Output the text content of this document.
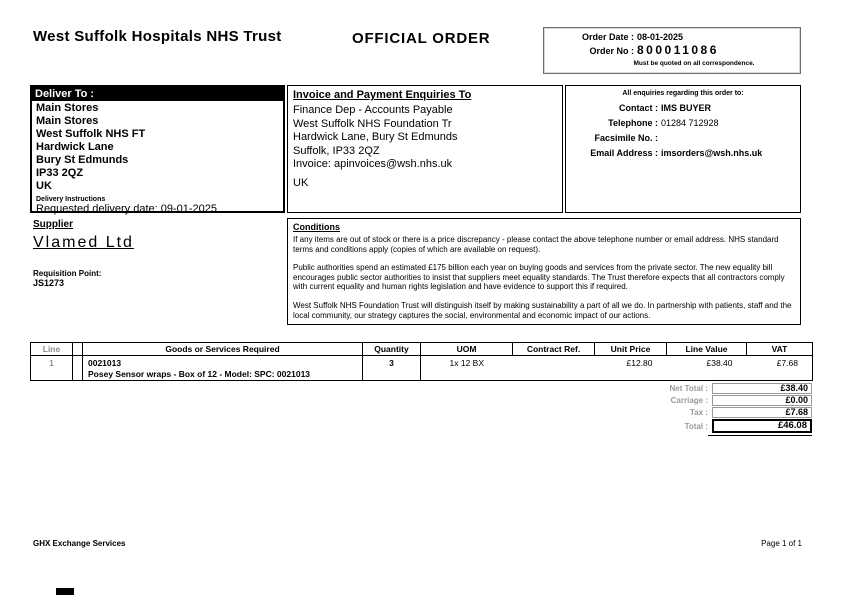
West Suffolk Hospitals NHS Trust	OFFICIAL ORDER	Order Date : 08-01-2025
Order No : 800011086
Must be quoted on all correspondence.
Deliver To :
Main Stores
Main Stores
West Suffolk NHS FT
Hardwick Lane
Bury St Edmunds
IP33 2QZ
UK
Delivery Instructions
Requested delivery date: 09-01-2025
Invoice and Payment Enquiries To
Finance Dep - Accounts Payable
West Suffolk NHS Foundation Tr
Hardwick Lane, Bury St Edmunds
Suffolk, IP33 2QZ
Invoice: apinvoices@wsh.nhs.uk
UK
All enquiries regarding this order to:
Contact : IMS BUYER
Telephone : 01284 712928
Facsimile No. :
Email Address : imsorders@wsh.nhs.uk
Supplier
Vlamed Ltd
Requisition Point:
JS1273
Conditions

If any items are out of stock or there is a price discrepancy - please contact the above telephone number or email address. NHS standard terms and conditions apply (copies of which are available on request).

Public authorities spend an estimated £175 billion each year on buying goods and services from the private sector. The new equality bill encourages public sector authorities to insist that suppliers meet equality standards. The Trust therefore expects that all contractors comply with current equality and human rights legislation and have evidence to support this if required.

West Suffolk NHS Foundation Trust will distinguish itself by making sustainability a part of all we do. In partnership with patients, staff and the local community, our strategy captures the social, environmental and economic impact of our actions.

Line		Goods or Services Required	Quantity	UOM	Contract Ref.	Unit Price	Line Value	VAT
1		0021013
Posey Sensor wraps - Box of 12 - Model: SPC: 0021013	3	1x 12 BX		£12.80	£38.40	£7.68
Net Total :	£38.40
Carriage :	£0.00
Tax :	£7.68
Total :	£46.08
GHX Exchange Services	Page 1 of 1
